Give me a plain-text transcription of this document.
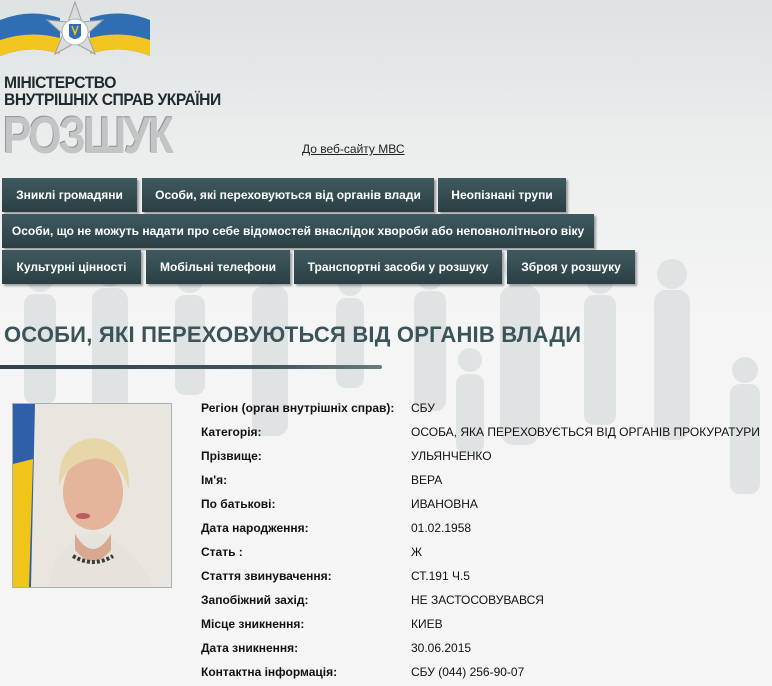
МІНІСТЕРСТВО
ВНУТРІШНІХ СПРАВ УКРАЇНИ
РОЗШУК	До веб-сайту МВС
Зниклі громадяни	Особи, які переховуються від органів влади	Неопізнані трупи
Особи, що не можуть надати про себе відомостей внаслідок хвороби або неповнолітнього віку
Культурні цінності	Мобільні телефони	Транспортні засоби у розшуку	Зброя у розшуку
ОСОБИ, ЯКІ ПЕРЕХОВУЮТЬСЯ ВІД ОРГАНІВ ВЛАДИ
Регіон (орган внутрішніх справ): СБУ
Категорія:	ОСОБА, ЯКА ПЕРЕХОВУЄТЬСЯ ВІД ОРГАНІВ ПРОКУРАТУРИ
Прізвище:	УЛЬЯНЧЕНКО
Ім'я:	ВЕРА
По батькові:	ИВАНОВНА
Дата народження:	01.02.1958
Стать :	Ж
Стаття звинувачення:	СТ.191 Ч.5
Запобіжний захід:	НЕ ЗАСТОСОВУВАВСЯ
Місце зникнення:	КИЕВ
Дата зникнення:	30.06.2015
Контактна інформація:	СБУ (044) 256-90-07
